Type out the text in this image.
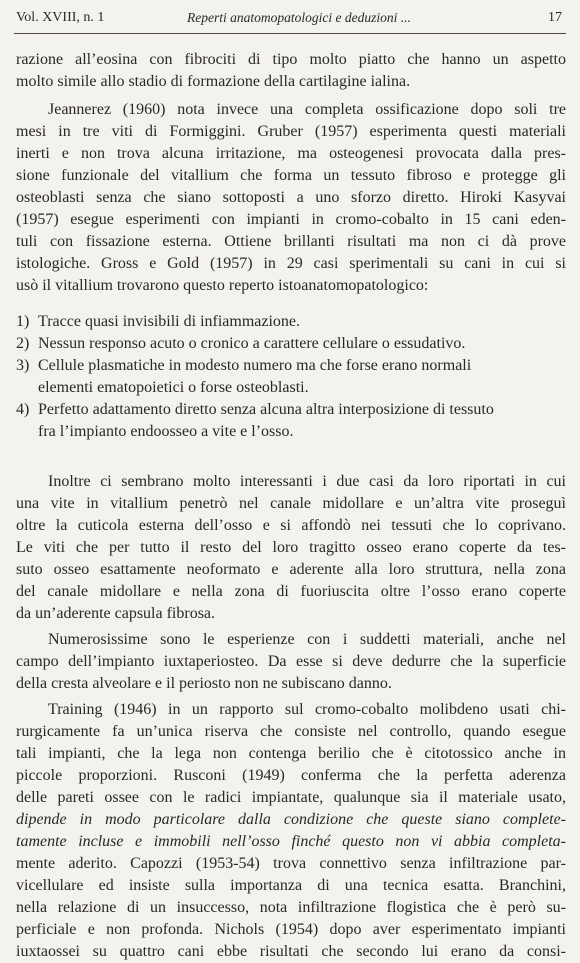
Vol. XVIII, n. 1	Reperti anatomopatologici e deduzioni ...	17
razione all’eosina con fibrociti di tipo molto piatto che hanno un aspetto
molto simile allo stadio di formazione della cartilagine ialina.
Jeannerez (1960) nota invece una completa ossificazione dopo soli tre
mesi in tre viti di Formiggini. Gruber (1957) esperimenta questi materiali
inerti e non trova alcuna irritazione, ma osteogenesi provocata dalla pres-
sione funzionale del vitallium che forma un tessuto fibroso e protegge gli
osteoblasti senza che siano sottoposti a uno sforzo diretto. Hiroki Kasyvai
(1957) esegue esperimenti con impianti in cromo-cobalto in 15 cani eden-
tuli con fissazione esterna. Ottiene brillanti risultati ma non ci dà prove
istologiche. Gross e Gold (1957) in 29 casi sperimentali su cani in cui si
usò il vitallium trovarono questo reperto istoanatomopatologico:
1) Tracce quasi invisibili di infiammazione.
2) Nessun responso acuto o cronico a carattere cellulare o essudativo.
3) Cellule plasmatiche in modesto numero ma che forse erano normali
elementi ematopoietici o forse osteoblasti.
4) Perfetto adattamento diretto senza alcuna altra interposizione di tessuto
fra l’impianto endoosseo a vite e l’osso.
Inoltre ci sembrano molto interessanti i due casi da loro riportati in cui
una vite in vitallium penetrò nel canale midollare e un’altra vite proseguì
oltre la cuticola esterna dell’osso e si affondò nei tessuti che lo coprivano.
Le viti che per tutto il resto del loro tragitto osseo erano coperte da tes-
suto osseo esattamente neoformato e aderente alla loro struttura, nella zona
del canale midollare e nella zona di fuoriuscita oltre l’osso erano coperte
da un’aderente capsula fibrosa.
Numerosissime sono le esperienze con i suddetti materiali, anche nel
campo dell’impianto iuxtaperiosteo. Da esse si deve dedurre che la superficie
della cresta alveolare e il periosto non ne subiscano danno.
Training (1946) in un rapporto sul cromo-cobalto molibdeno usati chi-
rurgicamente fa un’unica riserva che consiste nel controllo, quando esegue
tali impianti, che la lega non contenga berilio che è citotossico anche in
piccole proporzioni. Rusconi (1949) conferma che la perfetta aderenza
delle pareti ossee con le radici impiantate, qualunque sia il materiale usato,
dipende in modo particolare dalla condizione che queste siano complete-
tamente incluse e immobili nell’osso finché questo non vi abbia completa-
mente aderito. Capozzi (1953-54) trova connettivo senza infiltrazione par-
vicellulare ed insiste sulla importanza di una tecnica esatta. Branchini,
nella relazione di un insuccesso, nota infiltrazione flogistica che è però su-
perficiale e non profonda. Nichols (1954) dopo aver esperimentato impianti
iuxtaossei su quattro cani ebbe risultati che secondo lui erano da consi-
